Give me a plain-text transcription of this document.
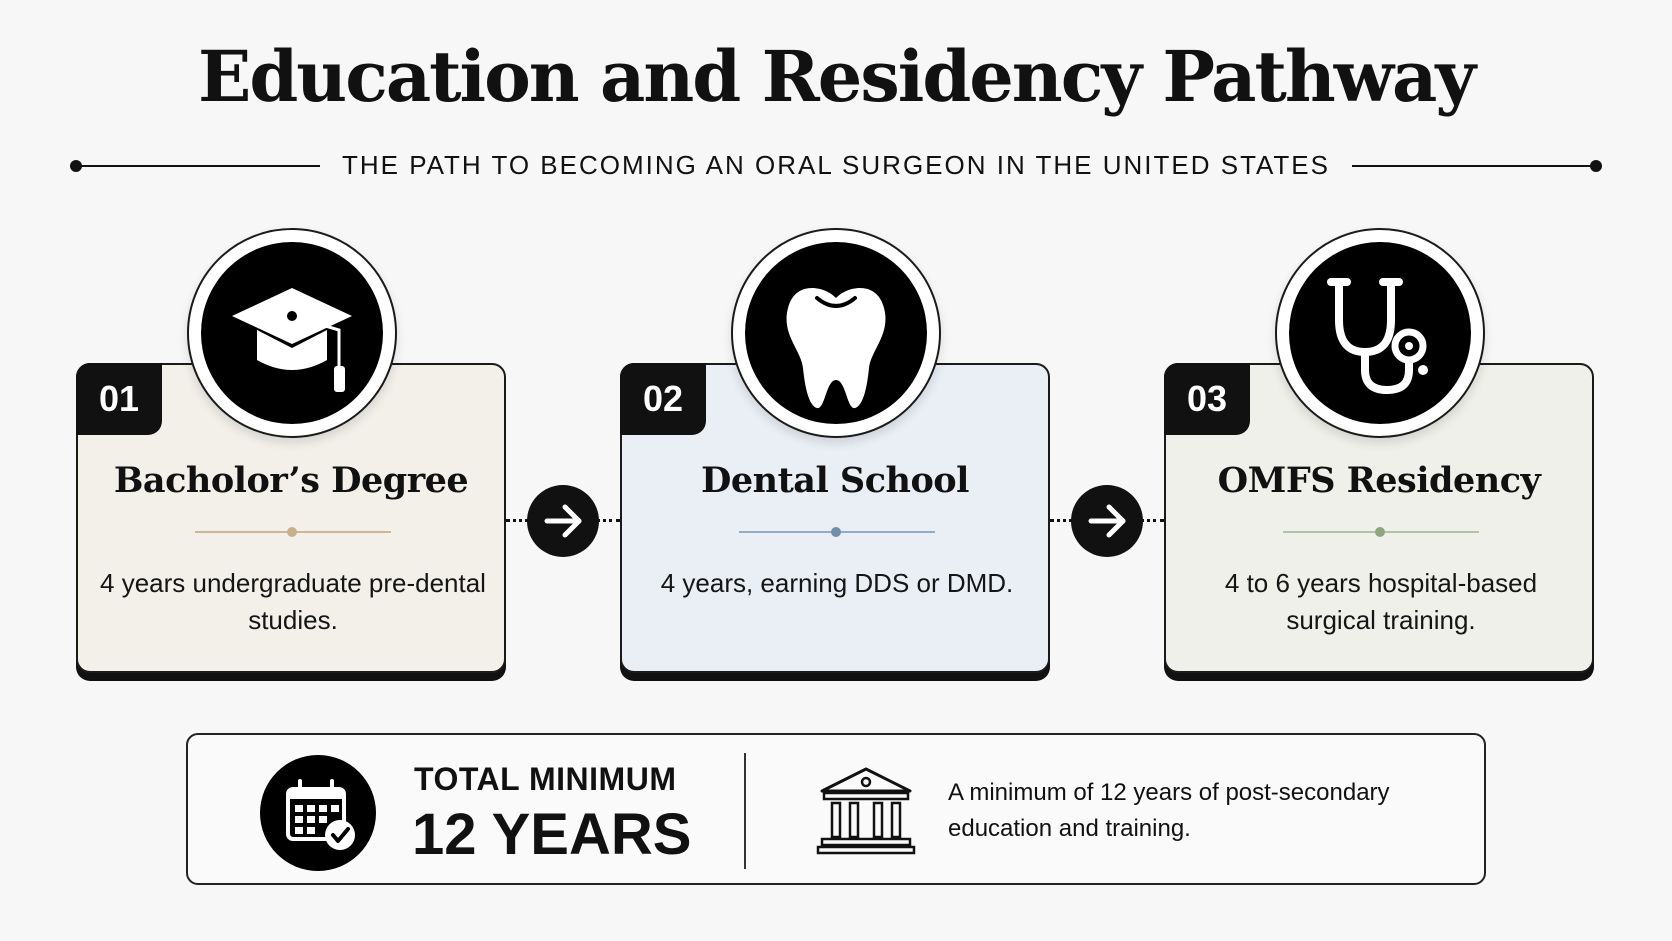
Education and Residency Pathway
THE PATH TO BECOMING AN ORAL SURGEON IN THE UNITED STATES
01
Bacholor’s Degree
4 years undergraduate pre-dental studies.
02
Dental School
4 years, earning DDS or DMD.
03
OMFS Residency
4 to 6 years hospital-based surgical training.
TOTAL MINIMUM
12 YEARS
A minimum of 12 years of post-secondary education and training.
